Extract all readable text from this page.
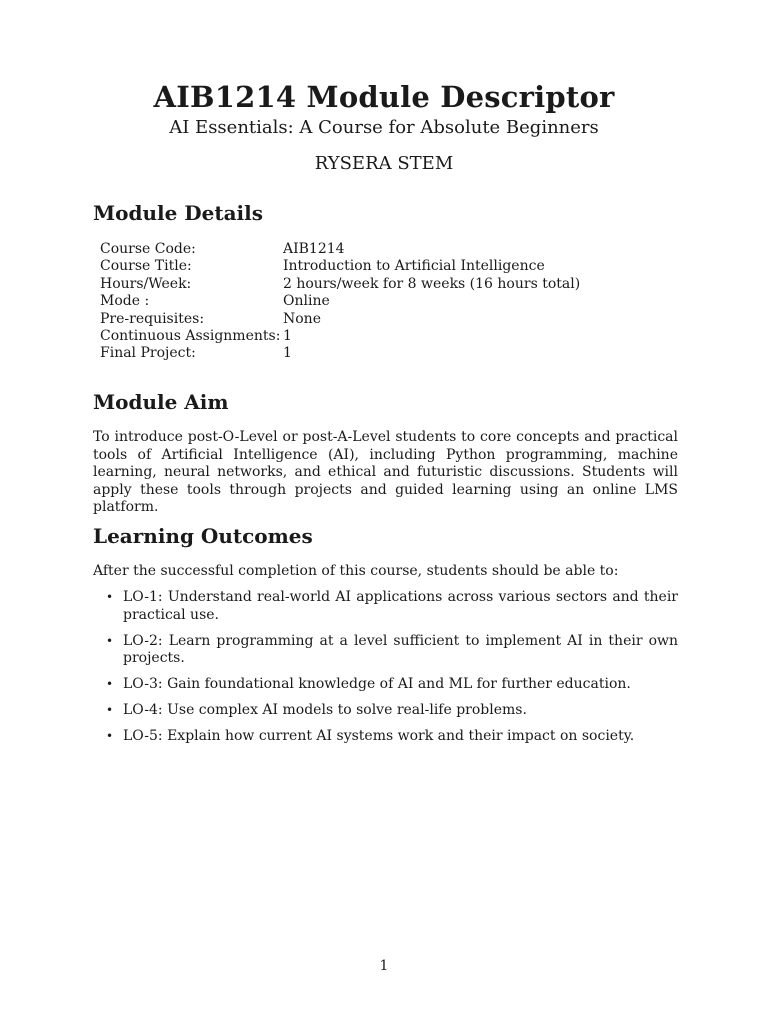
AIB1214 Module Descriptor
AI Essentials: A Course for Absolute Beginners
RYSERA STEM
Module Details
Course Code:	AIB1214
Course Title:	Introduction to Artificial Intelligence
Hours/Week:	2 hours/week for 8 weeks (16 hours total)
Mode :	Online
Pre-requisites:	None
Continuous Assignments: 1
Final Project:	1
Module Aim
To introduce post-O-Level or post-A-Level students to core concepts and practical tools of Artificial Intelligence (AI), including Python programming, machine learning, neural networks, and ethical and futuristic discussions. Students will apply these tools through projects and guided learning using an online LMS platform.
Learning Outcomes
After the successful completion of this course, students should be able to:
• LO-1: Understand real-world AI applications across various sectors and their practical use.
• LO-2: Learn programming at a level sufficient to implement AI in their own projects.
• LO-3: Gain foundational knowledge of AI and ML for further education.
• LO-4: Use complex AI models to solve real-life problems.
• LO-5: Explain how current AI systems work and their impact on society.
1
